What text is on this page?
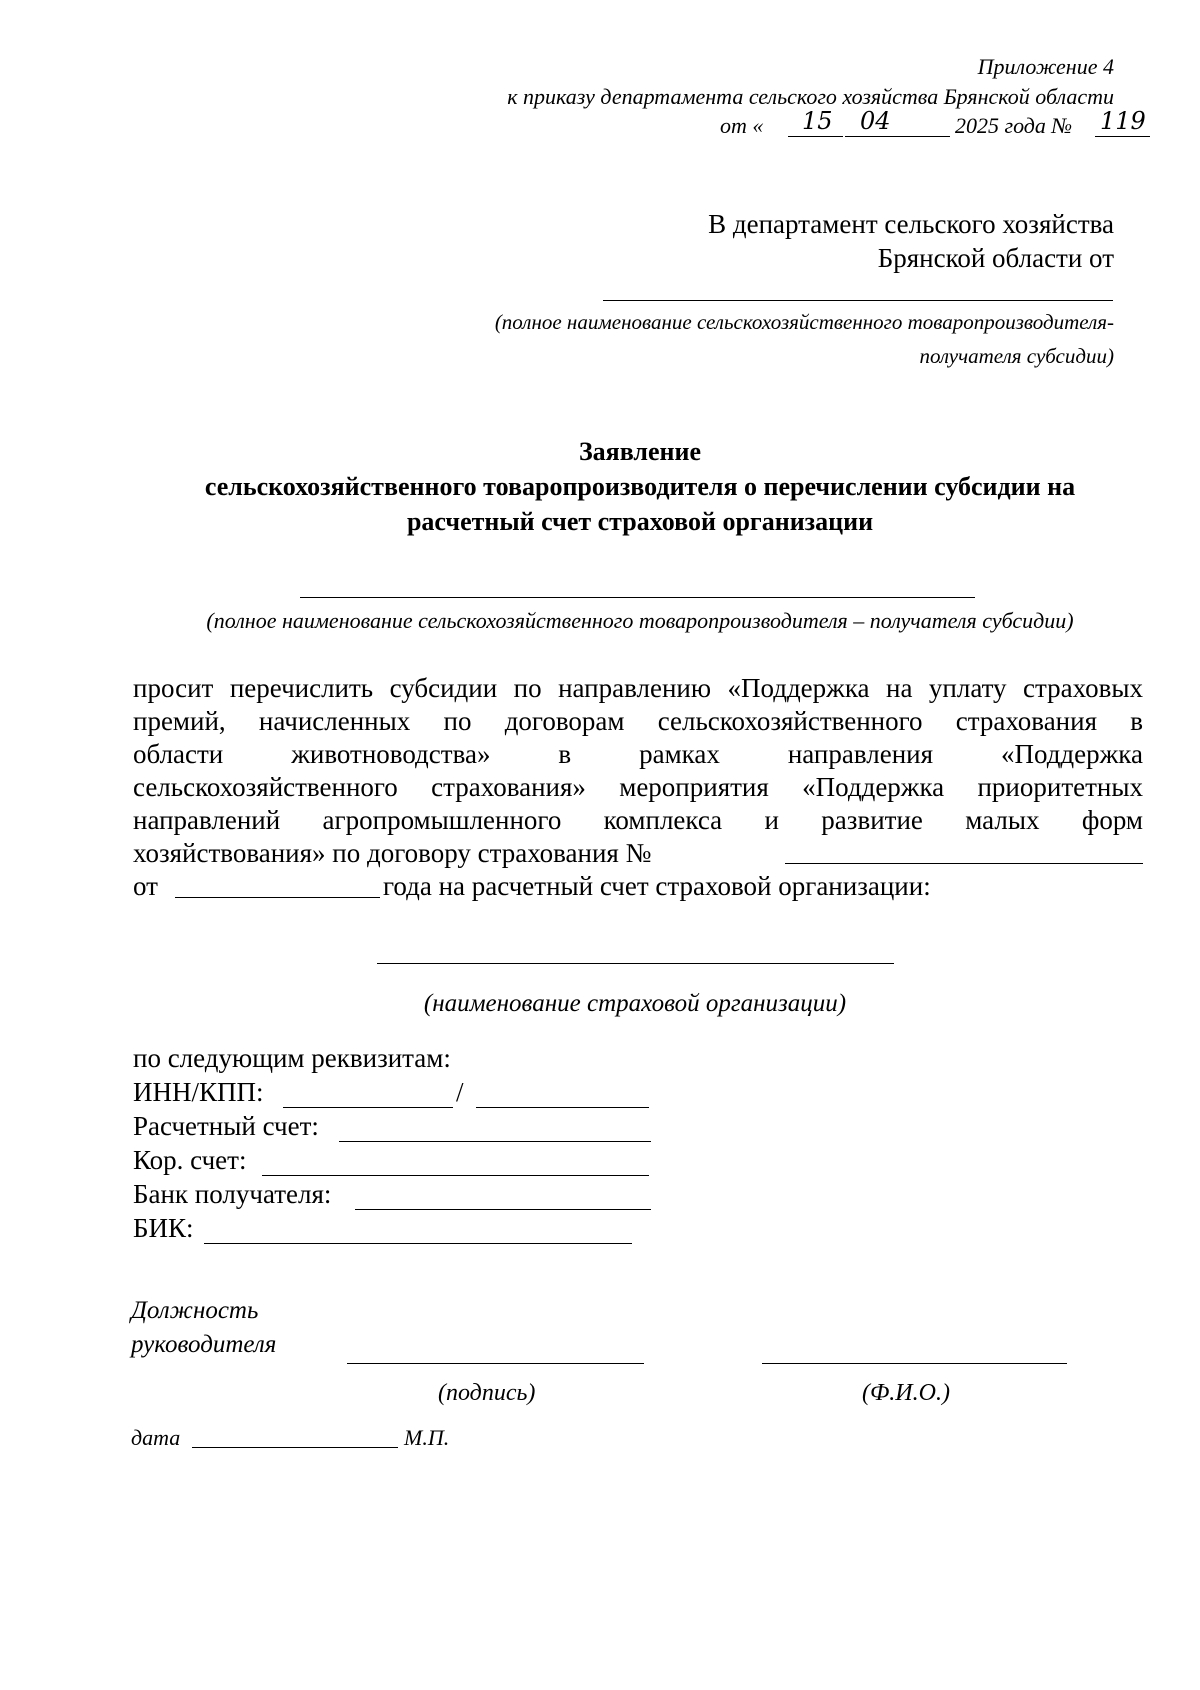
Приложение 4
к приказу департамента сельского хозяйства Брянской области
от « 15 04	2025 года № 119
В департамент сельского хозяйства
Брянской области от
(полное наименование сельскохозяйственного товаропроизводителя-
получателя субсидии)
Заявление
сельскохозяйственного товаропроизводителя о перечислении субсидии на
расчетный счет страховой организации
(полное наименование сельскохозяйственного товаропроизводителя – получателя субсидии)
просит перечислить субсидии по направлению «Поддержка на уплату страховых
премий, начисленных по договорам сельскохозяйственного страхования в
области животноводства» в рамках направления «Поддержка
сельскохозяйственного страхования» мероприятия «Поддержка приоритетных
направлений агропромышленного комплекса и развитие малых форм
хозяйствования» по договору страхования №
от	года на расчетный счет страховой организации:
(наименование страховой организации)
по следующим реквизитам:
ИНН/КПП:	/
Расчетный счет:
Кор. счет:
Банк получателя:
БИК:
Должность
руководителя
(подпись)	(Ф.И.О.)
дата	М.П.
